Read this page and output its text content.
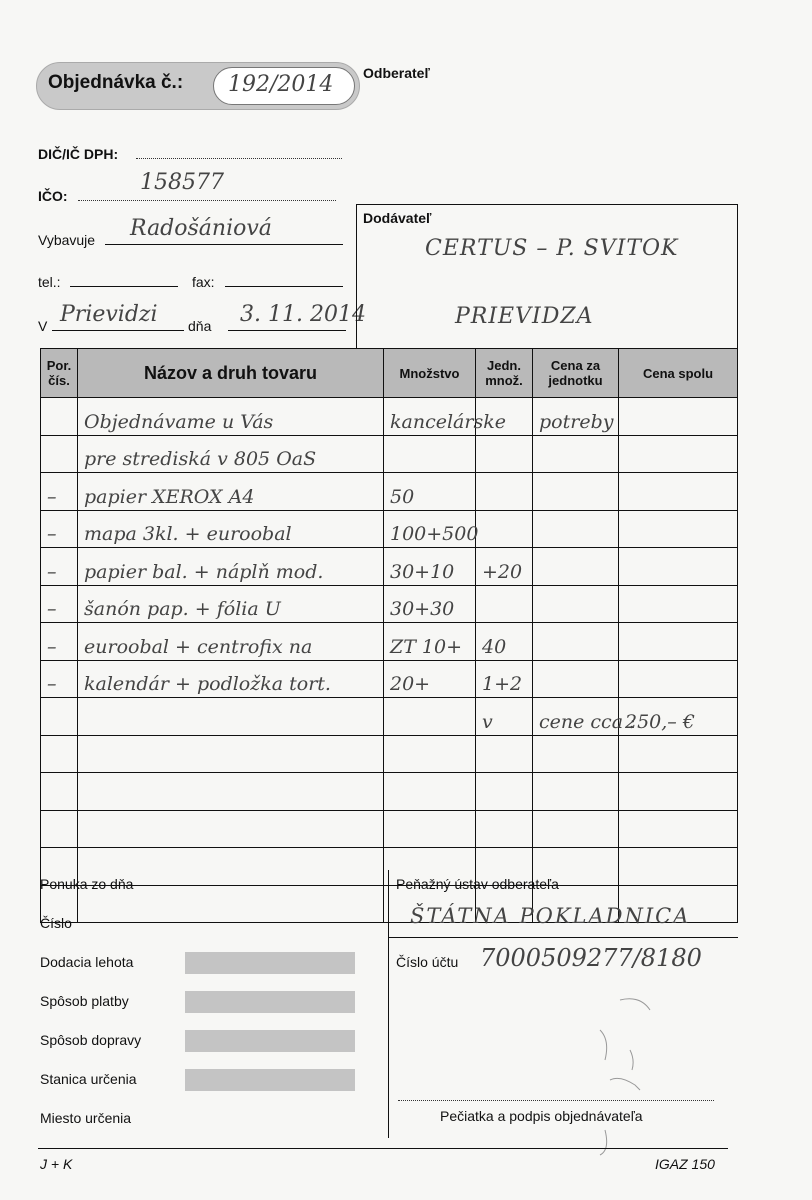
Objednávka č.: 192/2014 Odberateľ
DIČ/IČ DPH:
IČO:
158577
Vybavuje Radošániová
tel.:	fax:
V Prievidzi dňa 3. 11. 2014
Dodávateľ
CERTUS – P. SVITOK
PRIEVIDZA
Por. čís.	Názov a druh tovaru	Množstvo	Jedn. množ.	Cena za jednotku	Cena spolu
	Objednávame u Vás	kancelárske		potreby	
	pre strediská v 805 OaS				
–	papier XEROX A4	50			
–	mapa 3kl. + euroobal	100+500			
–	papier bal. + náplň mod.	30+10	+20		
–	šanón pap. + fólia U	30+30			
–	euroobal + centrofix na	ZT 10+	40		
–	kalendár + podložka tort.	20+	1+2		
			v	cene cca :	250,– €

Ponuka zo dňa
Číslo
Dodacia lehota
Spôsob platby
Spôsob dopravy
Stanica určenia
Miesto určenia
Peňažný ústav odberateľa
ŠTÁTNA POKLADNICA
Číslo účtu 7000509277/8180
Pečiatka a podpis objednávateľa
J + K	IGAZ 150
